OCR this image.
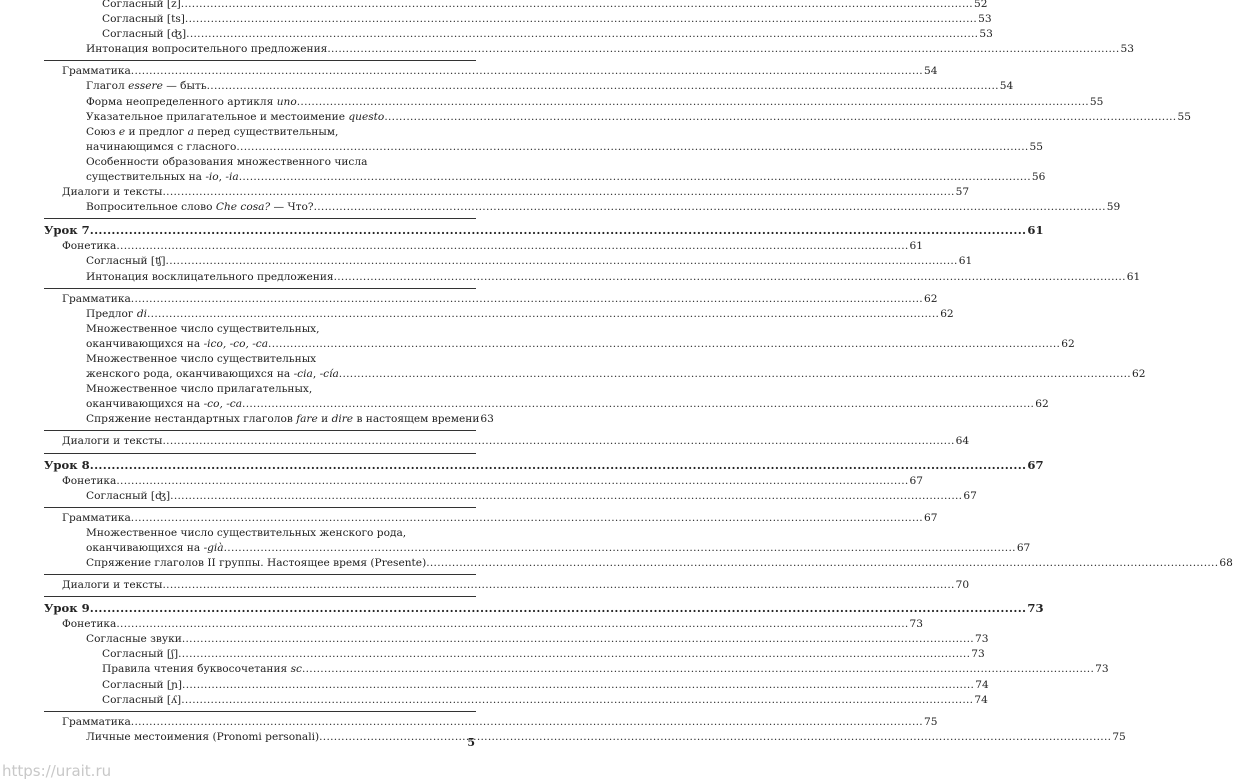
Согласный [z] .....	52
Согласный [ts] .....	53
Согласный [ʤ] .....	53
Интонация вопросительного предложения .....	53
Грамматика .....	54
Глагол essere — быть .....	54
Форма неопределенного артикля uno .....	55
Указательное прилагательное и местоимение questo .....	55
Союз e и предлог a перед существительным,
начинающимся с гласного .....	55
Особенности образования множественного числа
существительных на -io, -ia .....	56
Диалоги и тексты .....	57
Вопросительное слово Che cosa? — Что? .....	59
Урок 7 .....	61
Фонетика .....	61
Согласный [ʧ] .....	61
Интонация восклицательного предложения .....	61
Грамматика .....	62
Предлог di .....	62
Множественное число существительных,
оканчивающихся на -ico, -co, -ca .....	62
Множественное число существительных
женского рода, оканчивающихся на -cia, -cía .....	62
Множественное число прилагательных,
оканчивающихся на -co, -ca .....	62
Спряжение нестандартных глаголов fare и dire в настоящем времени 63
Диалоги и тексты .....	64
Урок 8 .....	67
Фонетика .....	67
Согласный [ʤ] .....	67
Грамматика .....	67
Множественное число существительных женского рода,
оканчивающихся на -già .....	67
Спряжение глаголов II группы. Настоящее время (Presente) .....	68
Диалоги и тексты .....	70
Урок 9 .....	73
Фонетика .....	73
Согласные звуки .....	73
Согласный [ʃ] .....	73
Правила чтения буквосочетания sc .....	73
Согласный [ɲ] .....	74
Согласный [ʎ] .....	74
Грамматика .....	75
Личные местоимения (Pronomi personali) .....	75
5
https://urait.ru
